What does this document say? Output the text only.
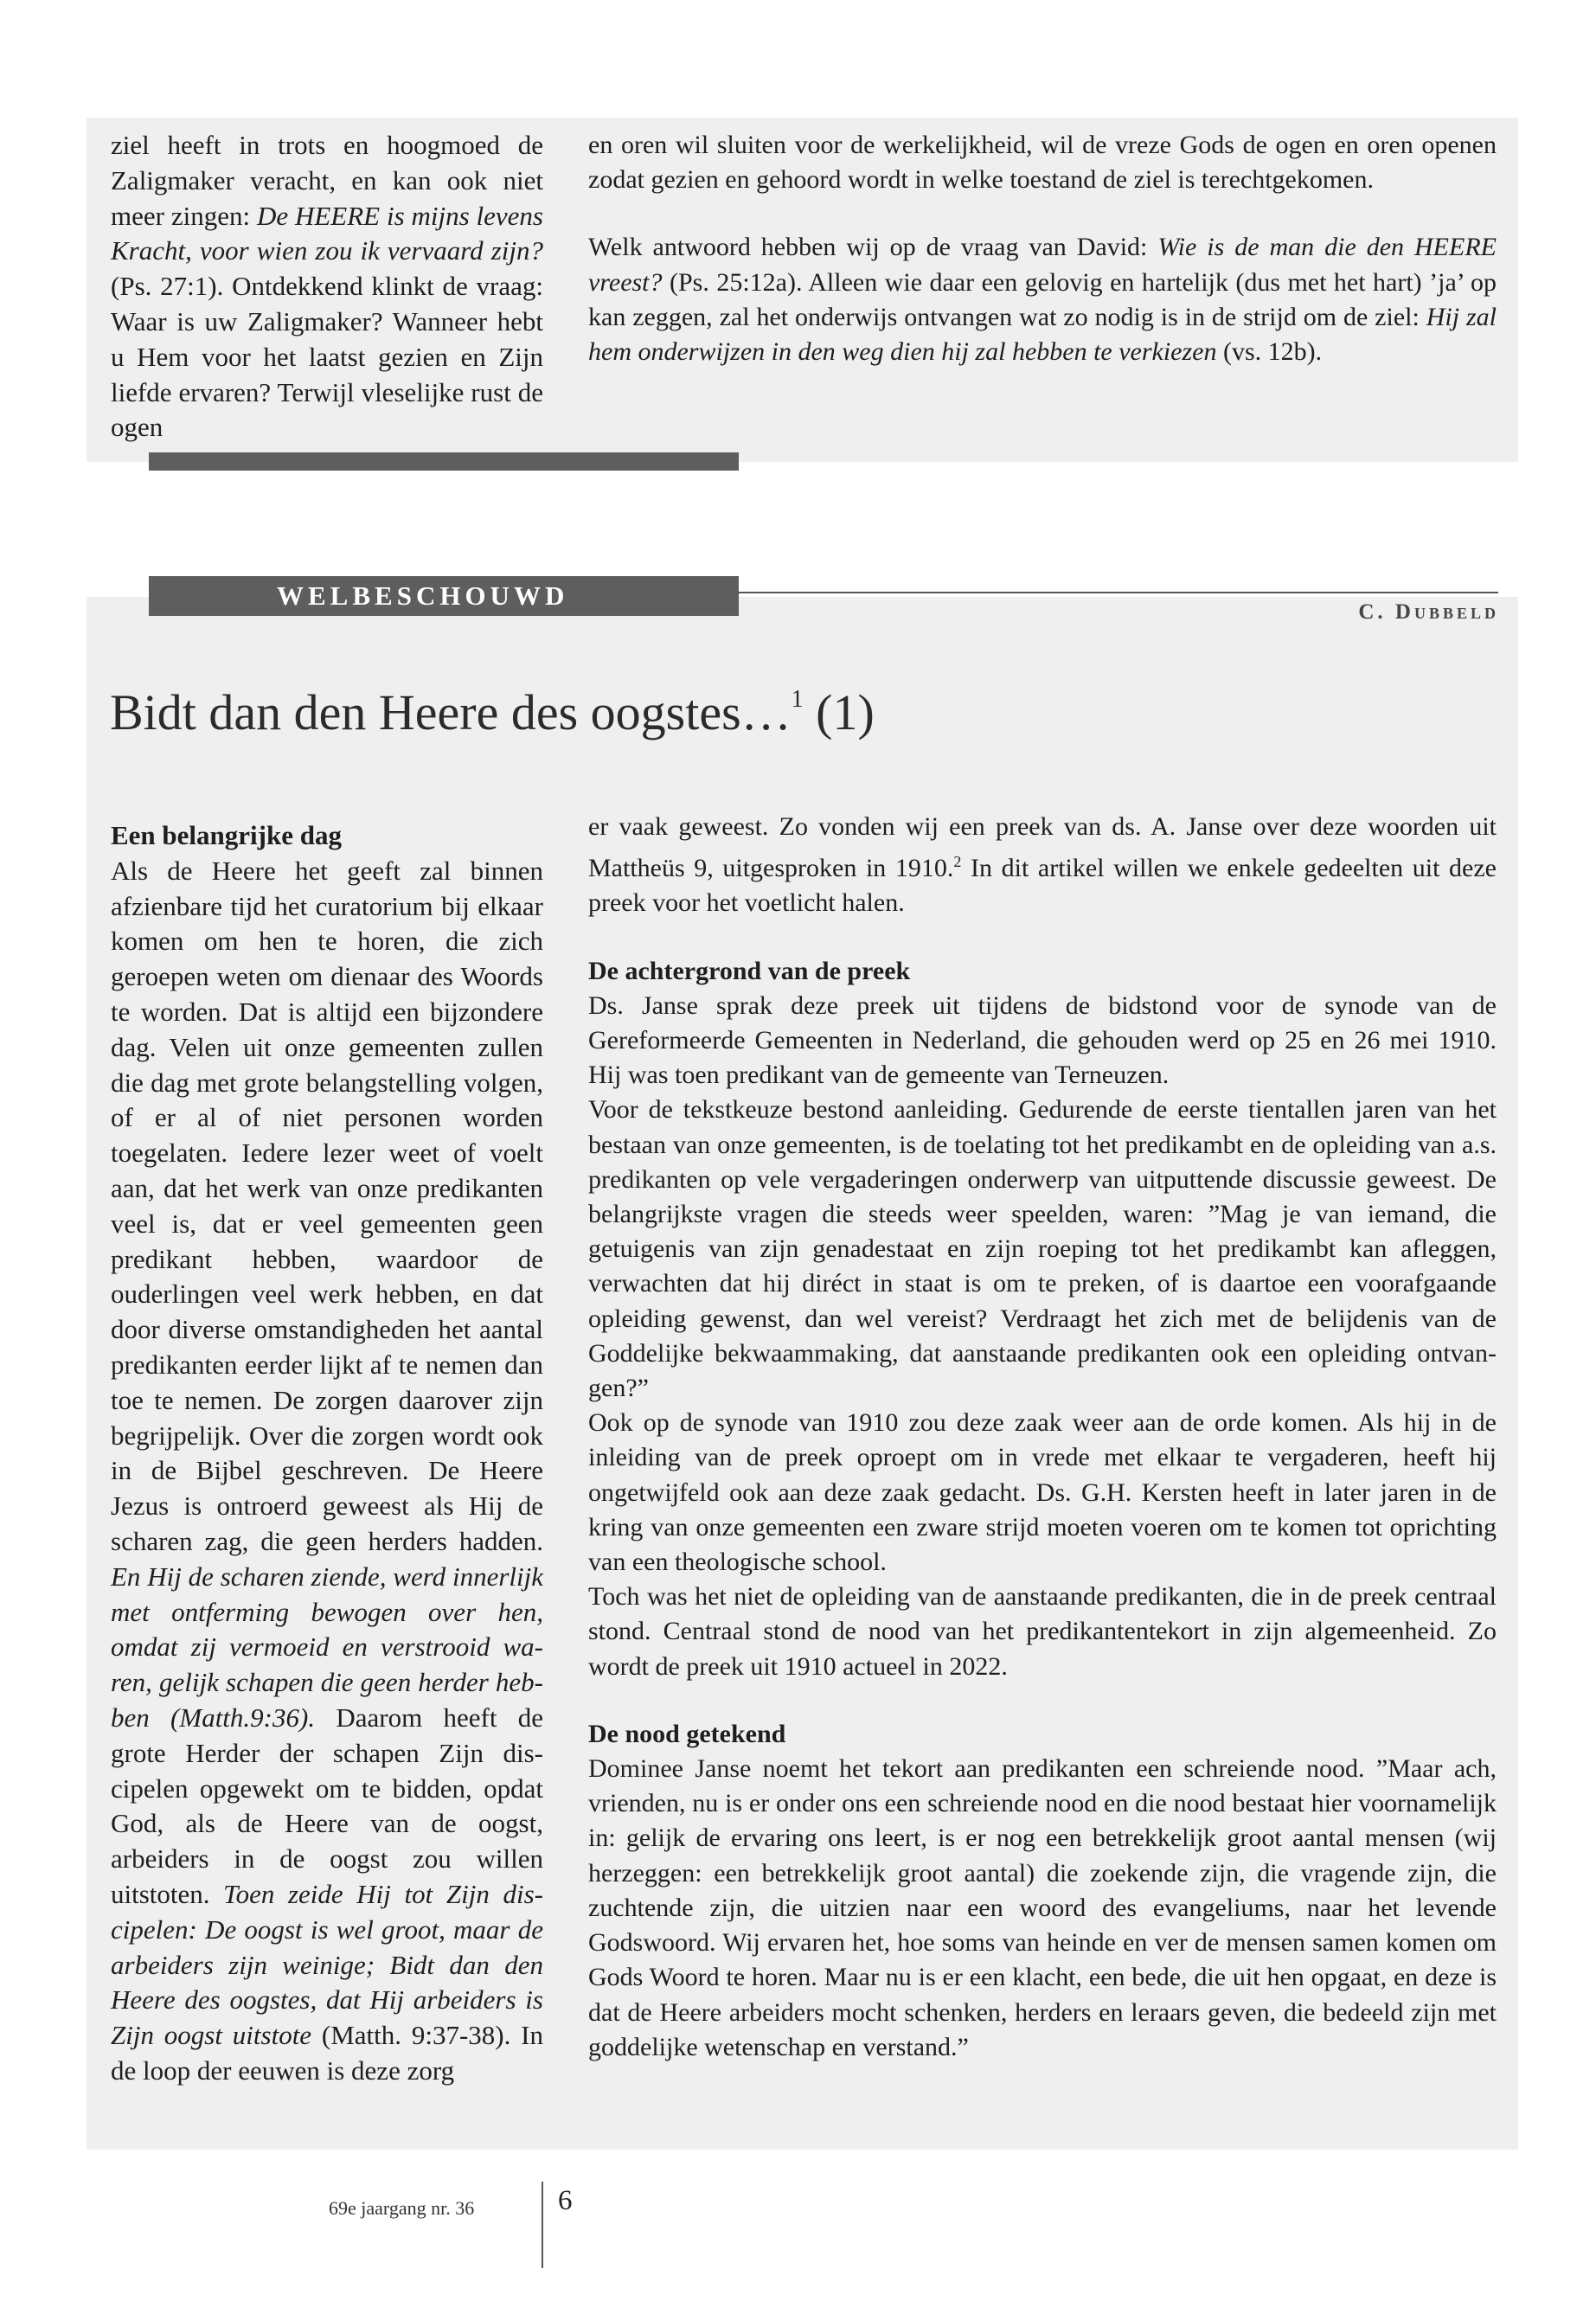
ziel heeft in trots en hoogmoed de Zaligmaker veracht, en kan ook niet meer zingen: De HEERE is mijns levens Kracht, voor wien zou ik vervaard zijn? (Ps. 27:1). Ontdekkend klinkt de vraag: Waar is uw Zaligmaker? Wanneer hebt u Hem voor het laatst gezien en Zijn liefde ervaren? Terwijl vleselijke rust de ogen

en oren wil sluiten voor de werkelijkheid, wil de vreze Gods de ogen en oren openen zodat gezien en gehoord wordt in welke toestand de ziel is terechtgekomen.

Welk antwoord hebben wij op de vraag van David: Wie is de man die den HEERE vreest? (Ps. 25:12a). Alleen wie daar een gelovig en hartelijk (dus met het hart) ’ja’ op kan zeggen, zal het onderwijs ontvangen wat zo nodig is in de strijd om de ziel: Hij zal hem onderwijzen in den weg dien hij zal hebben te verkiezen (vs. 12b).

WELBESCHOUWD
C. Dubbeld
Bidt dan den Heere des oogstes…$^1$ (1)

Een belangrijke dag

Als de Heere het geeft zal binnen afzienbare tijd het curatorium bij elkaar komen om hen te horen, die zich geroepen weten om dienaar des Woords te worden. Dat is altijd een bijzondere dag. Velen uit onze gemeenten zullen die dag met grote belangstelling volgen, of er al of niet personen worden toegelaten. Iedere lezer weet of voelt aan, dat het werk van onze predikanten veel is, dat er veel gemeenten geen predikant hebben, waardoor de ouderlingen veel werk hebben, en dat door diverse omstandigheden het aantal predikanten eerder lijkt af te nemen dan toe te nemen. De zorgen daarover zijn begrijpelijk. Over die zorgen wordt ook in de Bijbel geschreven. De Heere Jezus is ontroerd geweest als Hij de scharen zag, die geen herders hadden. En Hij de scharen ziende, werd innerlijk met ontferming bewogen over hen, omdat zij vermoeid en verstrooid waren, gelijk schapen die geen herder hebben (Matth.9:36). Daarom heeft de grote Herder der schapen Zijn discipelen opgewekt om te bidden, opdat God, als de Heere van de oogst, arbeiders in de oogst zou willen uitstoten. Toen zeide Hij tot Zijn discipelen: De oogst is wel groot, maar de arbeiders zijn weinige; Bidt dan den Heere des oogstes, dat Hij arbeiders is Zijn oogst uitstote (Matth. 9:37-38). In de loop der eeuwen is deze zorg

er vaak geweest. Zo vonden wij een preek van ds. A. Janse over deze woorden uit Mattheüs 9, uitgesproken in 1910.$^2$ In dit artikel willen we enkele gedeelten uit deze preek voor het voetlicht halen.

De achtergrond van de preek

Ds. Janse sprak deze preek uit tijdens de bidstond voor de synode van de Gereformeerde Gemeenten in Nederland, die gehouden werd op 25 en 26 mei 1910. Hij was toen predikant van de gemeente van Terneuzen.

Voor de tekstkeuze bestond aanleiding. Gedurende de eerste tientallen jaren van het bestaan van onze gemeenten, is de toelating tot het predikambt en de opleiding van a.s. predikanten op vele vergaderingen onderwerp van uitputtende discussie geweest. De belangrijkste vragen die steeds weer speelden, waren: ”Mag je van iemand, die getuigenis van zijn genadestaat en zijn roeping tot het predikambt kan afleggen, verwachten dat hij diréct in staat is om te preken, of is daartoe een voorafgaande opleiding gewenst, dan wel vereist? Verdraagt het zich met de belijdenis van de Goddelijke bekwaammaking, dat aanstaande predikanten ook een opleiding ontvangen?”

Ook op de synode van 1910 zou deze zaak weer aan de orde komen. Als hij in de inleiding van de preek oproept om in vrede met elkaar te vergaderen, heeft hij ongetwijfeld ook aan deze zaak gedacht. Ds. G.H. Kersten heeft in later jaren in de kring van onze gemeenten een zware strijd moeten voeren om te komen tot oprichting van een theologische school.

Toch was het niet de opleiding van de aanstaande predikanten, die in de preek centraal stond. Centraal stond de nood van het predikantentekort in zijn algemeenheid. Zo wordt de preek uit 1910 actueel in 2022.

De nood getekend

Dominee Janse noemt het tekort aan predikanten een schreiende nood. ”Maar ach, vrienden, nu is er onder ons een schreiende nood en die nood bestaat hier voornamelijk in: gelijk de ervaring ons leert, is er nog een betrekkelijk groot aantal mensen (wij herzeggen: een betrekkelijk groot aantal) die zoekende zijn, die vragende zijn, die zuchtende zijn, die uitzien naar een woord des evangeliums, naar het levende Godswoord. Wij ervaren het, hoe soms van heinde en ver de mensen samen komen om Gods Woord te horen. Maar nu is er een klacht, een bede, die uit hen opgaat, en deze is dat de Heere arbeiders mocht schenken, herders en leraars geven, die bedeeld zijn met goddelijke wetenschap en verstand.”

69e jaargang nr. 36	6
